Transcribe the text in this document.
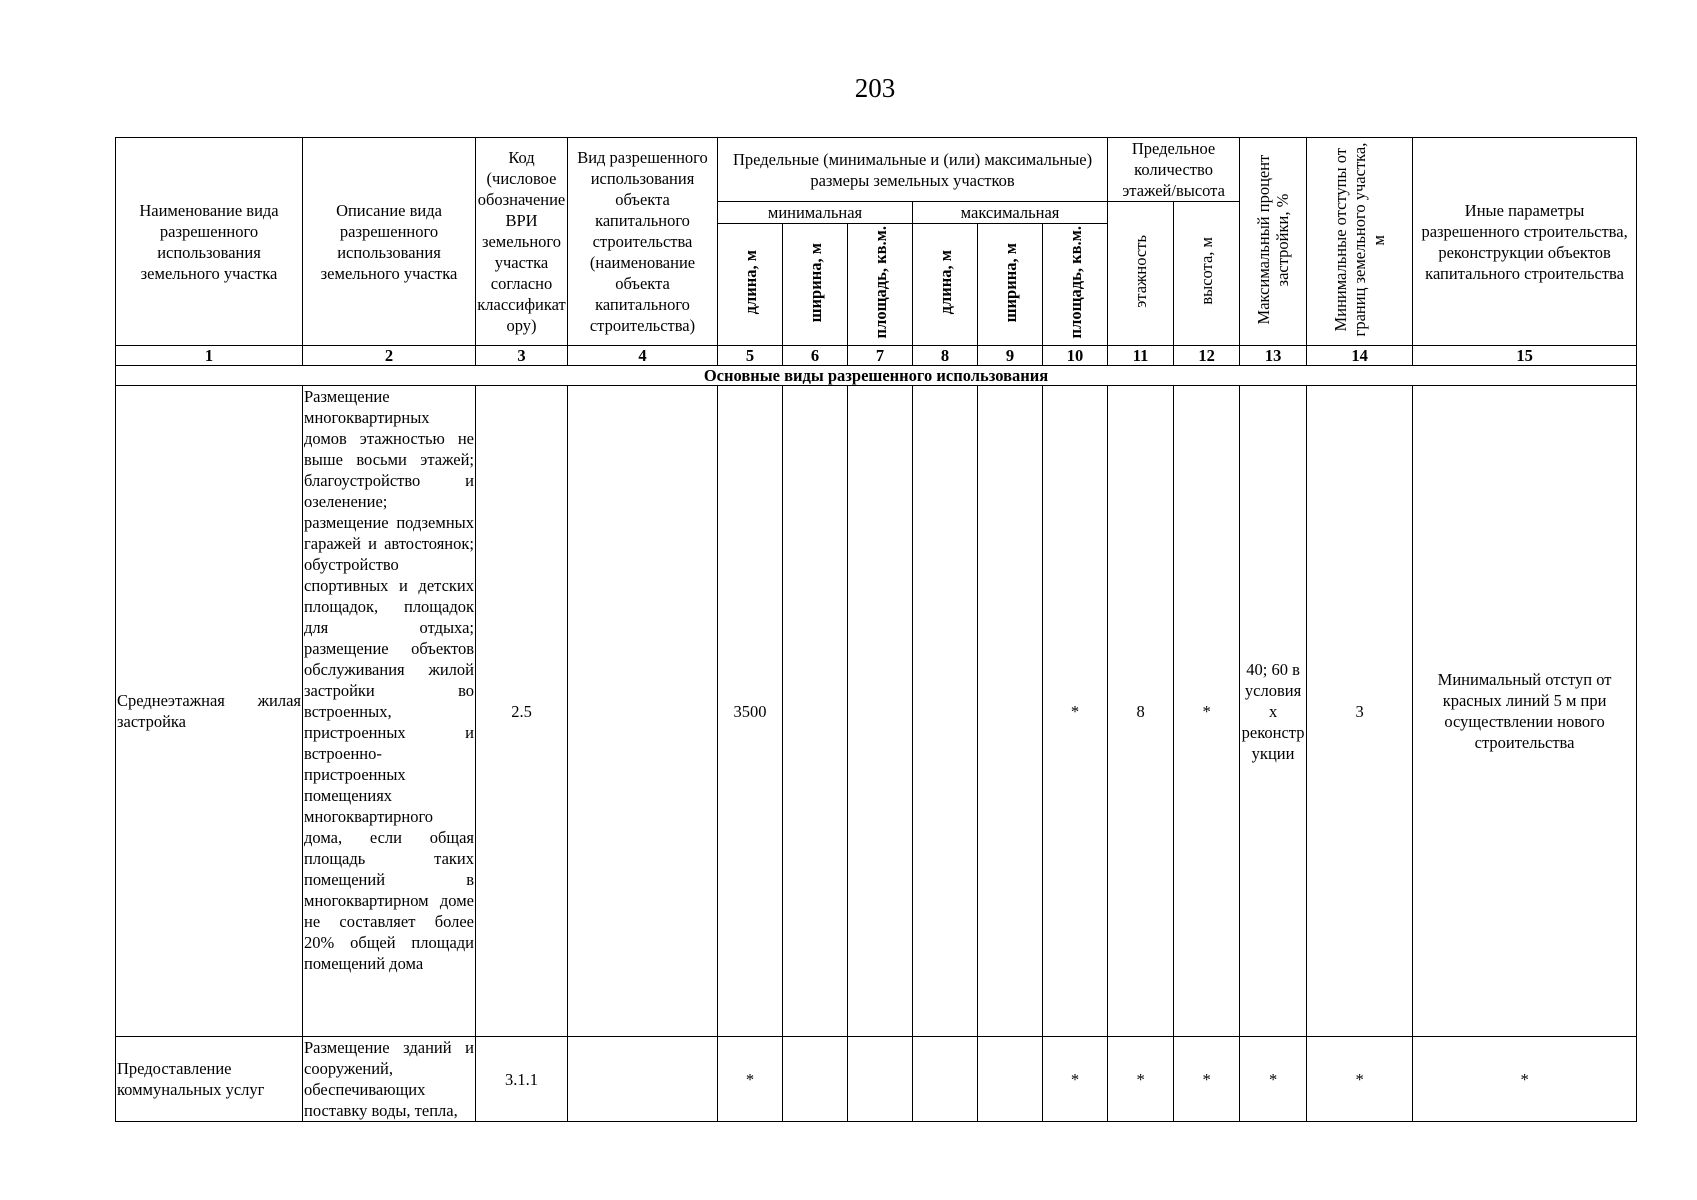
203
Наименование вида разрешенного использования земельного участка	Описание вида разрешенного использования земельного участка	Код (числовое обозначение ВРИ земельного участка согласно классификатору)	Вид разрешенного использования объекта капитального строительства (наименование объекта капитального строительства)	Предельные (минимальные и (или) максимальные) размеры земельных участков						Предельное количество этажей/высота		Максимальный процент застройки, %	Минимальные отступы от границ земельного участка, м	Иные параметры разрешенного строительства, реконструкции объектов капитального строительства
				минимальная			максимальная			этажность	высота, м			
				длина, м	ширина, м	площадь, кв.м.	длина, м	ширина, м	площадь, кв.м.					
1	2	3	4	5	6	7	8	9	10	11	12	13	14	15
Основные виды разрешенного использования														
Среднеэтажная жилая застройка	Размещение многоквартирных домов этажностью не выше восьми этажей; благоустройство и озеленение; размещение подземных гаражей и автостоянок; обустройство спортивных и детских площадок, площадок для отдыха; размещение объектов обслуживания жилой застройки во встроенных, пристроенных и встроенно-пристроенных помещениях многоквартирного дома, если общая площадь таких помещений в многоквартирном доме не составляет более 20% общей площади помещений дома	2.5		3500					*	8	*	40; 60 в условиях реконструкции	3	Минимальный отступ от красных линий 5 м при осуществлении нового строительства
Предоставление коммунальных услуг	Размещение зданий и сооружений, обеспечивающих поставку воды, тепла,	3.1.1		*					*	*	*	*	*	*
